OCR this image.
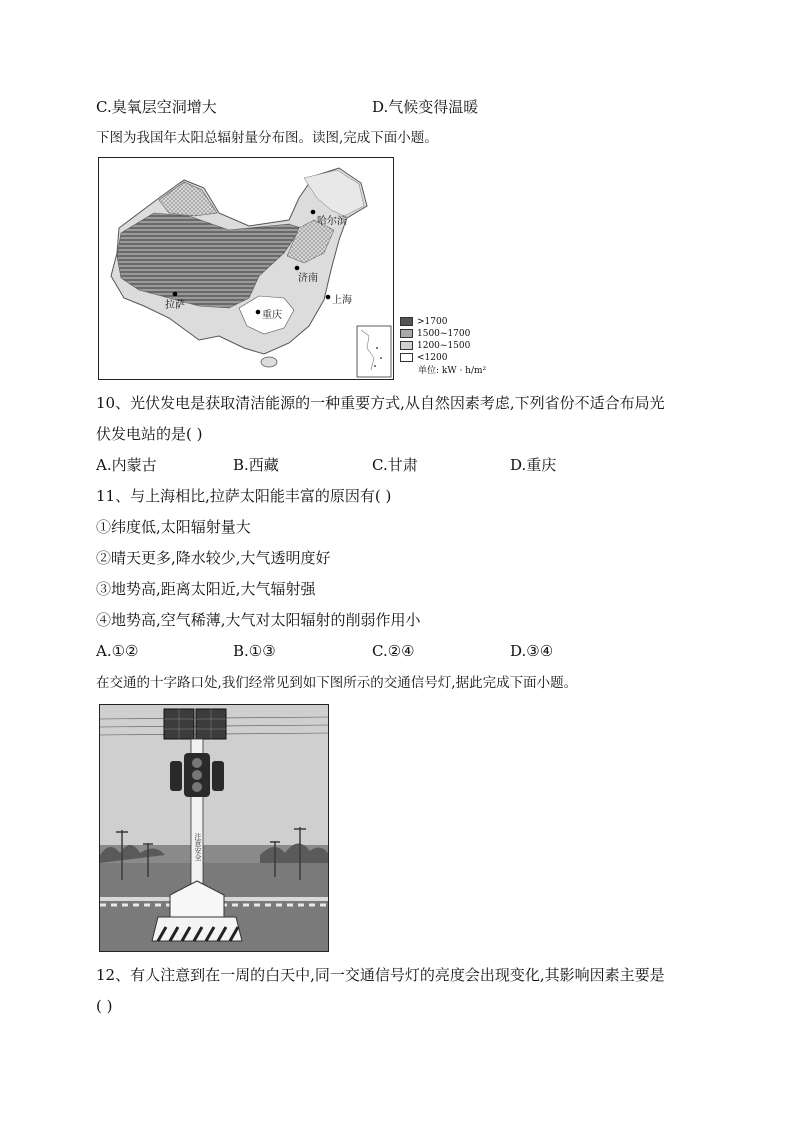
C.臭氧层空洞增大	D.气候变得温暖
下图为我国年太阳总辐射量分布图。读图,完成下面小题。
哈尔滨
济南
拉萨
重庆
上海
>1700
1500~1700
1200~1500
<1200
单位: kW · h/m²
10、光伏发电是获取清洁能源的一种重要方式,从自然因素考虑,下列省份不适合布局光
伏发电站的是( )
A.内蒙古	B.西藏	C.甘肃	D.重庆
11、与上海相比,拉萨太阳能丰富的原因有( )
①纬度低,太阳辐射量大
②晴天更多,降水较少,大气透明度好
③地势高,距离太阳近,大气辐射强
④地势高,空气稀薄,大气对太阳辐射的削弱作用小
A.①②	B.①③	C.②④	D.③④
在交通的十字路口处,我们经常见到如下图所示的交通信号灯,据此完成下面小题。
注意安全
12、有人注意到在一周的白天中,同一交通信号灯的亮度会出现变化,其影响因素主要是
( )
